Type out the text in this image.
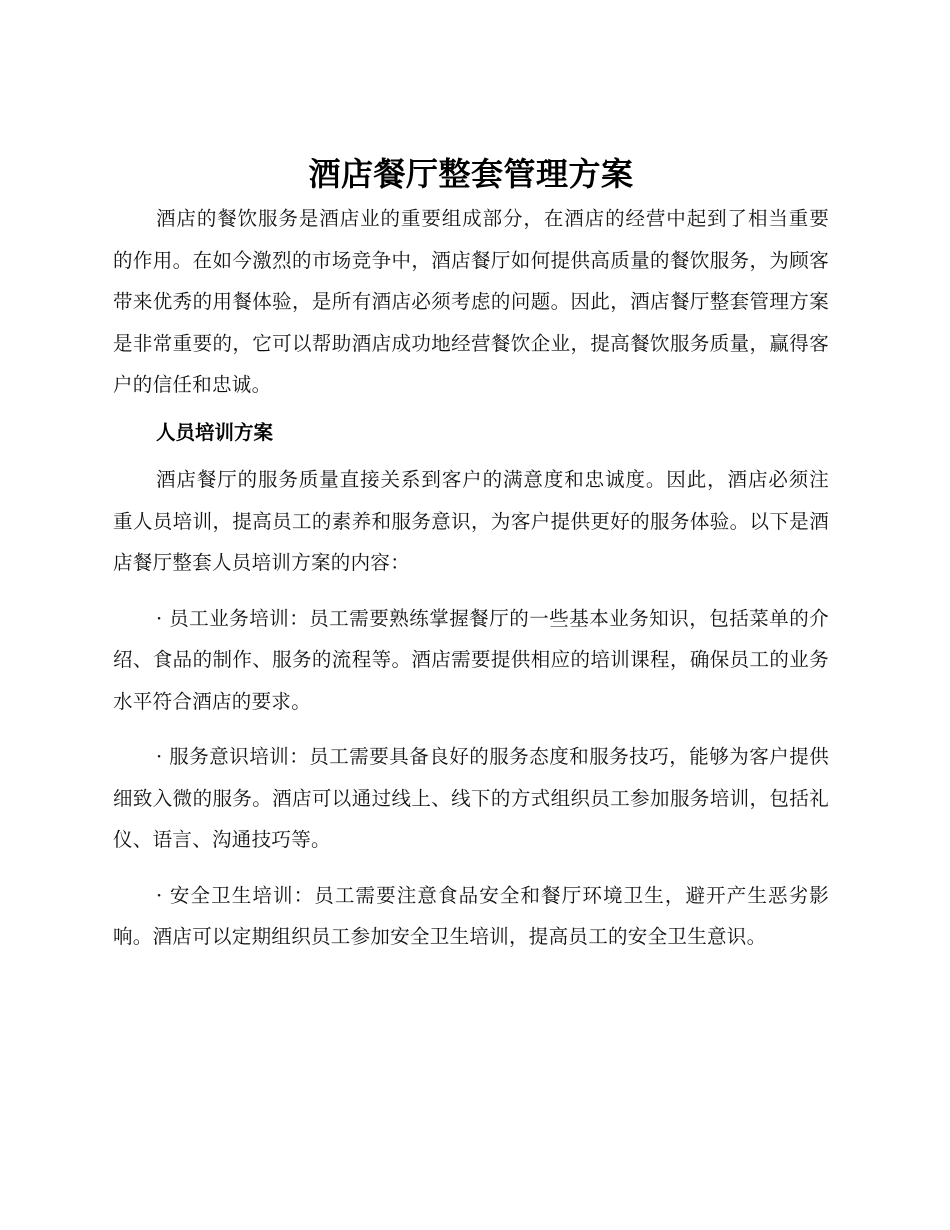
酒店餐厅整套管理方案

酒店的餐饮服务是酒店业的重要组成部分，在酒店的经营中起到了相当重要的作用。在如今激烈的市场竞争中，酒店餐厅如何提供高质量的餐饮服务，为顾客带来优秀的用餐体验，是所有酒店必须考虑的问题。因此，酒店餐厅整套管理方案是非常重要的，它可以帮助酒店成功地经营餐饮企业，提高餐饮服务质量，赢得客户的信任和忠诚。

人员培训方案

酒店餐厅的服务质量直接关系到客户的满意度和忠诚度。因此，酒店必须注重人员培训，提高员工的素养和服务意识，为客户提供更好的服务体验。以下是酒店餐厅整套人员培训方案的内容：

· 员工业务培训：员工需要熟练掌握餐厅的一些基本业务知识，包括菜单的介绍、食品的制作、服务的流程等。酒店需要提供相应的培训课程，确保员工的业务水平符合酒店的要求。

· 服务意识培训：员工需要具备良好的服务态度和服务技巧，能够为客户提供细致入微的服务。酒店可以通过线上、线下的方式组织员工参加服务培训，包括礼仪、语言、沟通技巧等。

· 安全卫生培训：员工需要注意食品安全和餐厅环境卫生，避开产生恶劣影响。酒店可以定期组织员工参加安全卫生培训，提高员工的安全卫生意识。
